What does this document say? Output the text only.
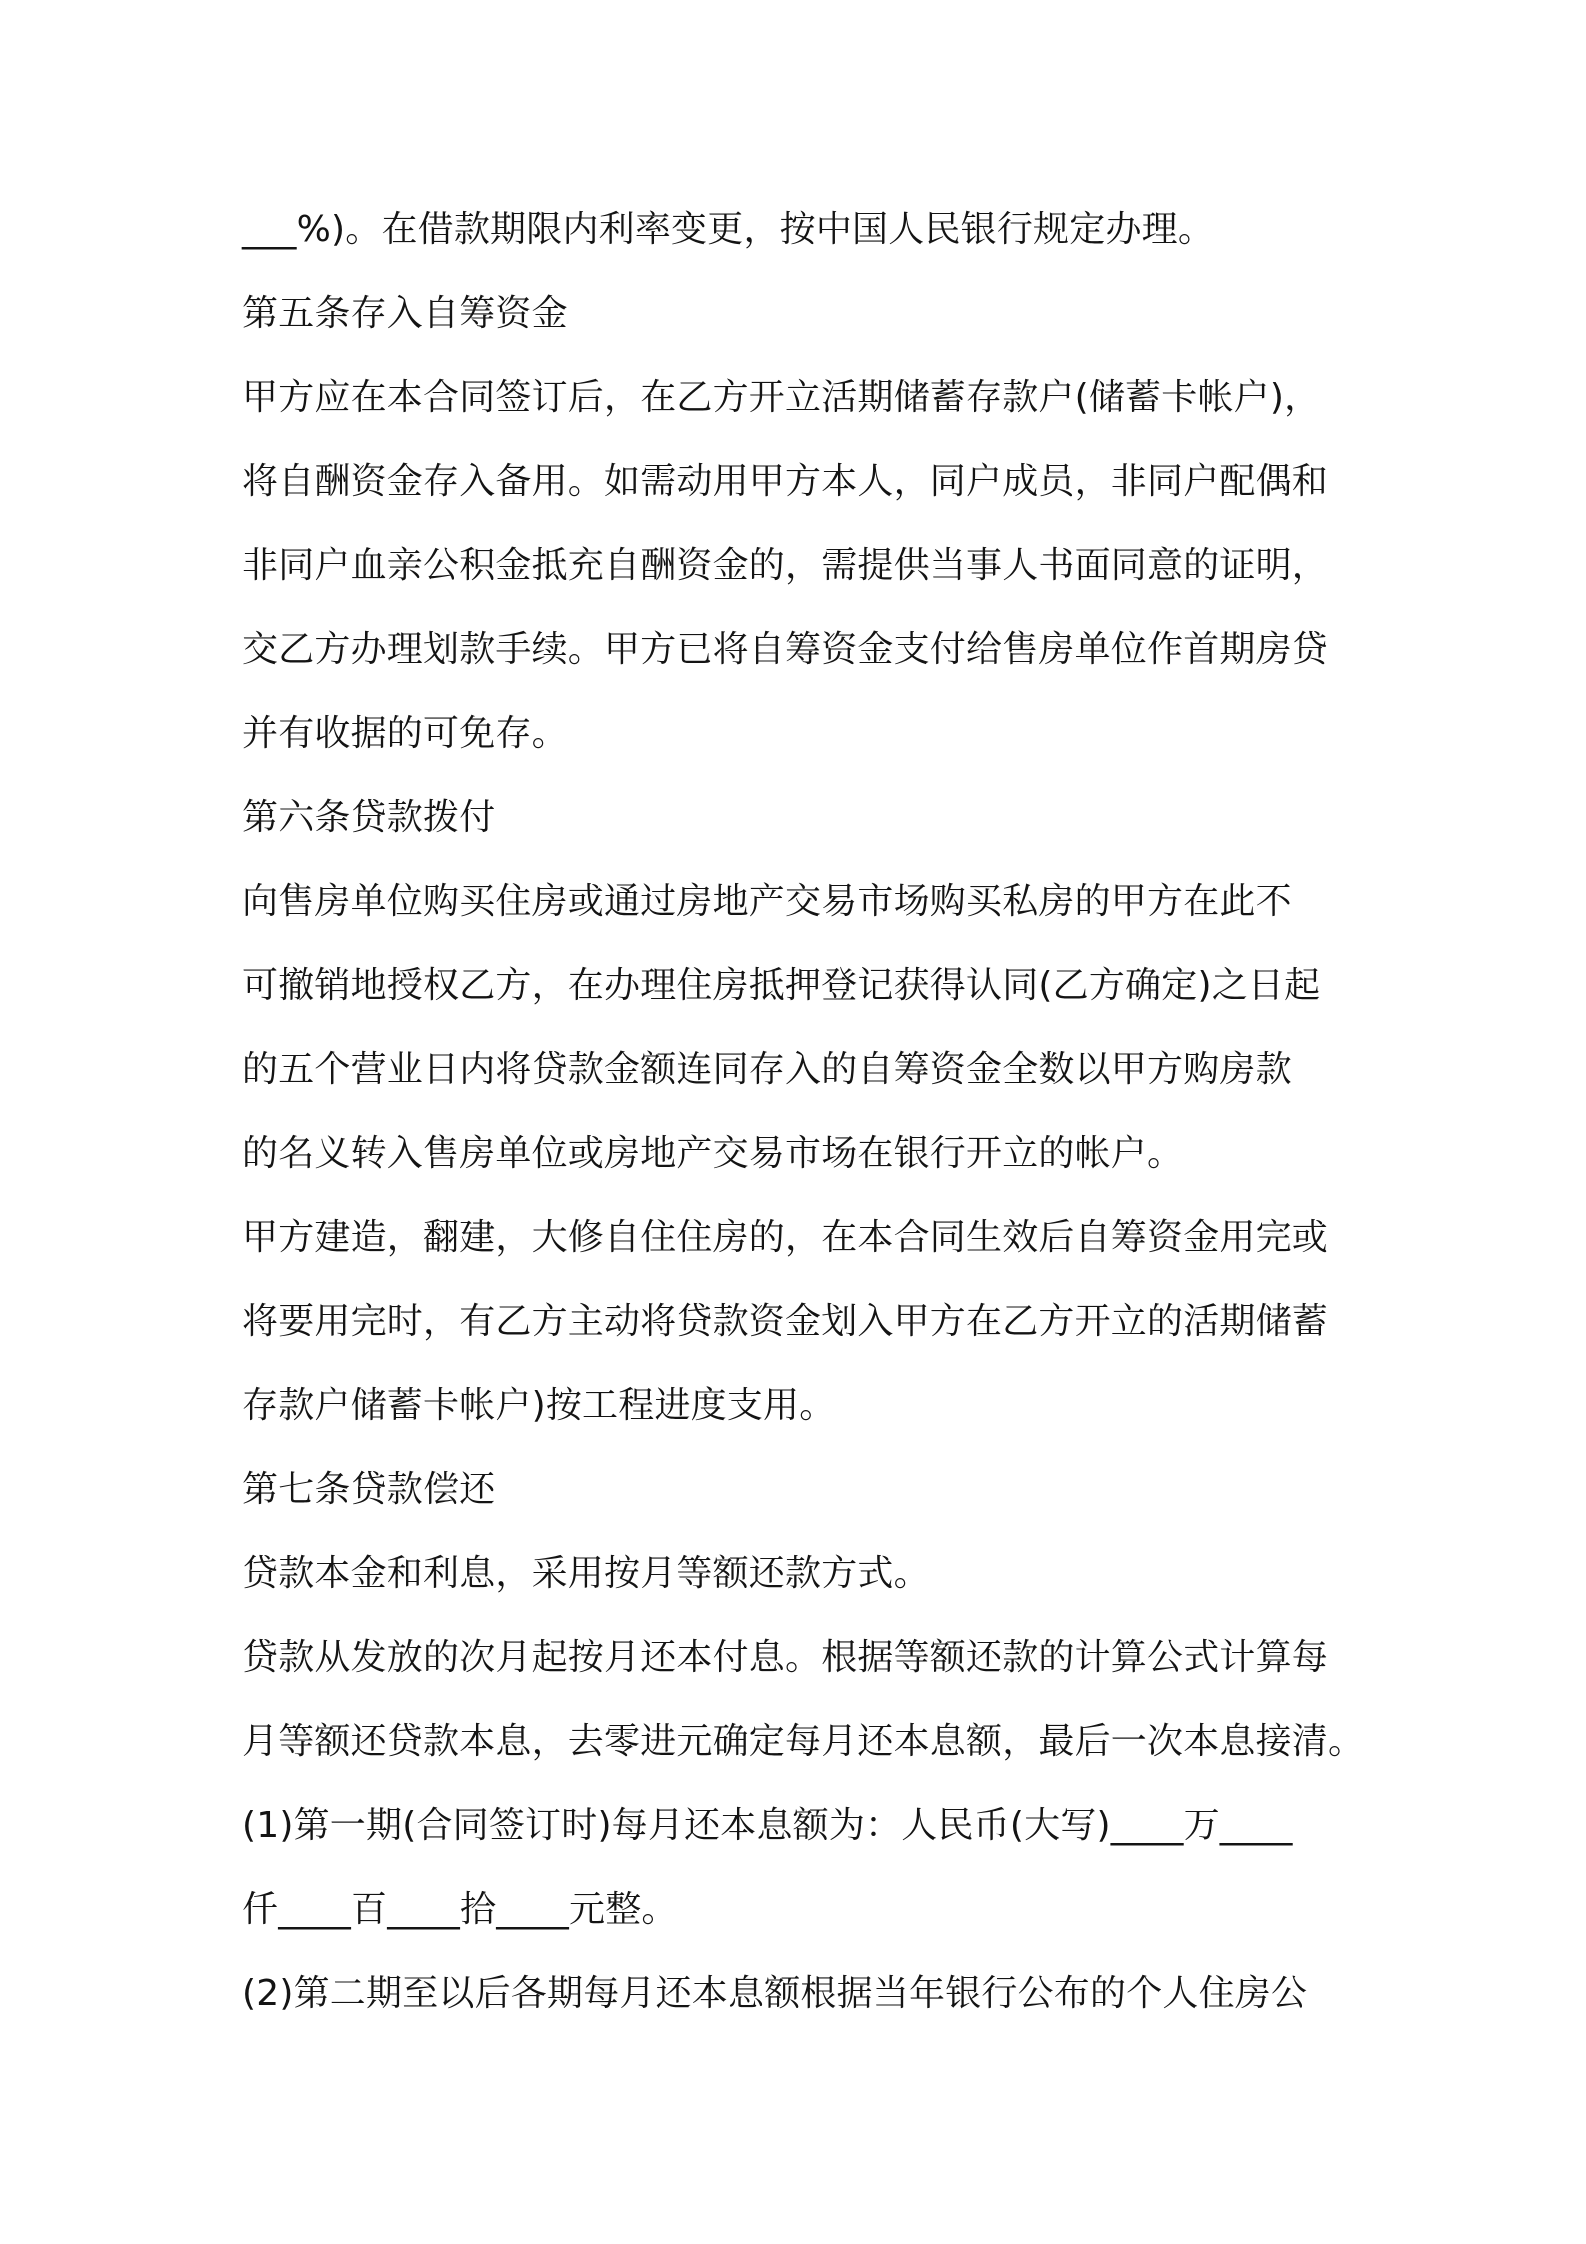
___%)。在借款期限内利率变更，按中国人民银行规定办理。

第五条存入自筹资金

甲方应在本合同签订后，在乙方开立活期储蓄存款户(储蓄卡帐户)，

将自酬资金存入备用。如需动用甲方本人，同户成员，非同户配偶和

非同户血亲公积金抵充自酬资金的，需提供当事人书面同意的证明，

交乙方办理划款手续。甲方已将自筹资金支付给售房单位作首期房贷

并有收据的可免存。

第六条贷款拨付

向售房单位购买住房或通过房地产交易市场购买私房的甲方在此不

可撤销地授权乙方，在办理住房抵押登记获得认同(乙方确定)之日起

的五个营业日内将贷款金额连同存入的自筹资金全数以甲方购房款

的名义转入售房单位或房地产交易市场在银行开立的帐户。

甲方建造，翻建，大修自住住房的，在本合同生效后自筹资金用完或

将要用完时，有乙方主动将贷款资金划入甲方在乙方开立的活期储蓄

存款户储蓄卡帐户)按工程进度支用。

第七条贷款偿还

贷款本金和利息，采用按月等额还款方式。

贷款从发放的次月起按月还本付息。根据等额还款的计算公式计算每

月等额还贷款本息，去零进元确定每月还本息额，最后一次本息接清。

(1)第一期(合同签订时)每月还本息额为：人民币(大写)____万____

仟____百____拾____元整。

(2)第二期至以后各期每月还本息额根据当年银行公布的个人住房公
